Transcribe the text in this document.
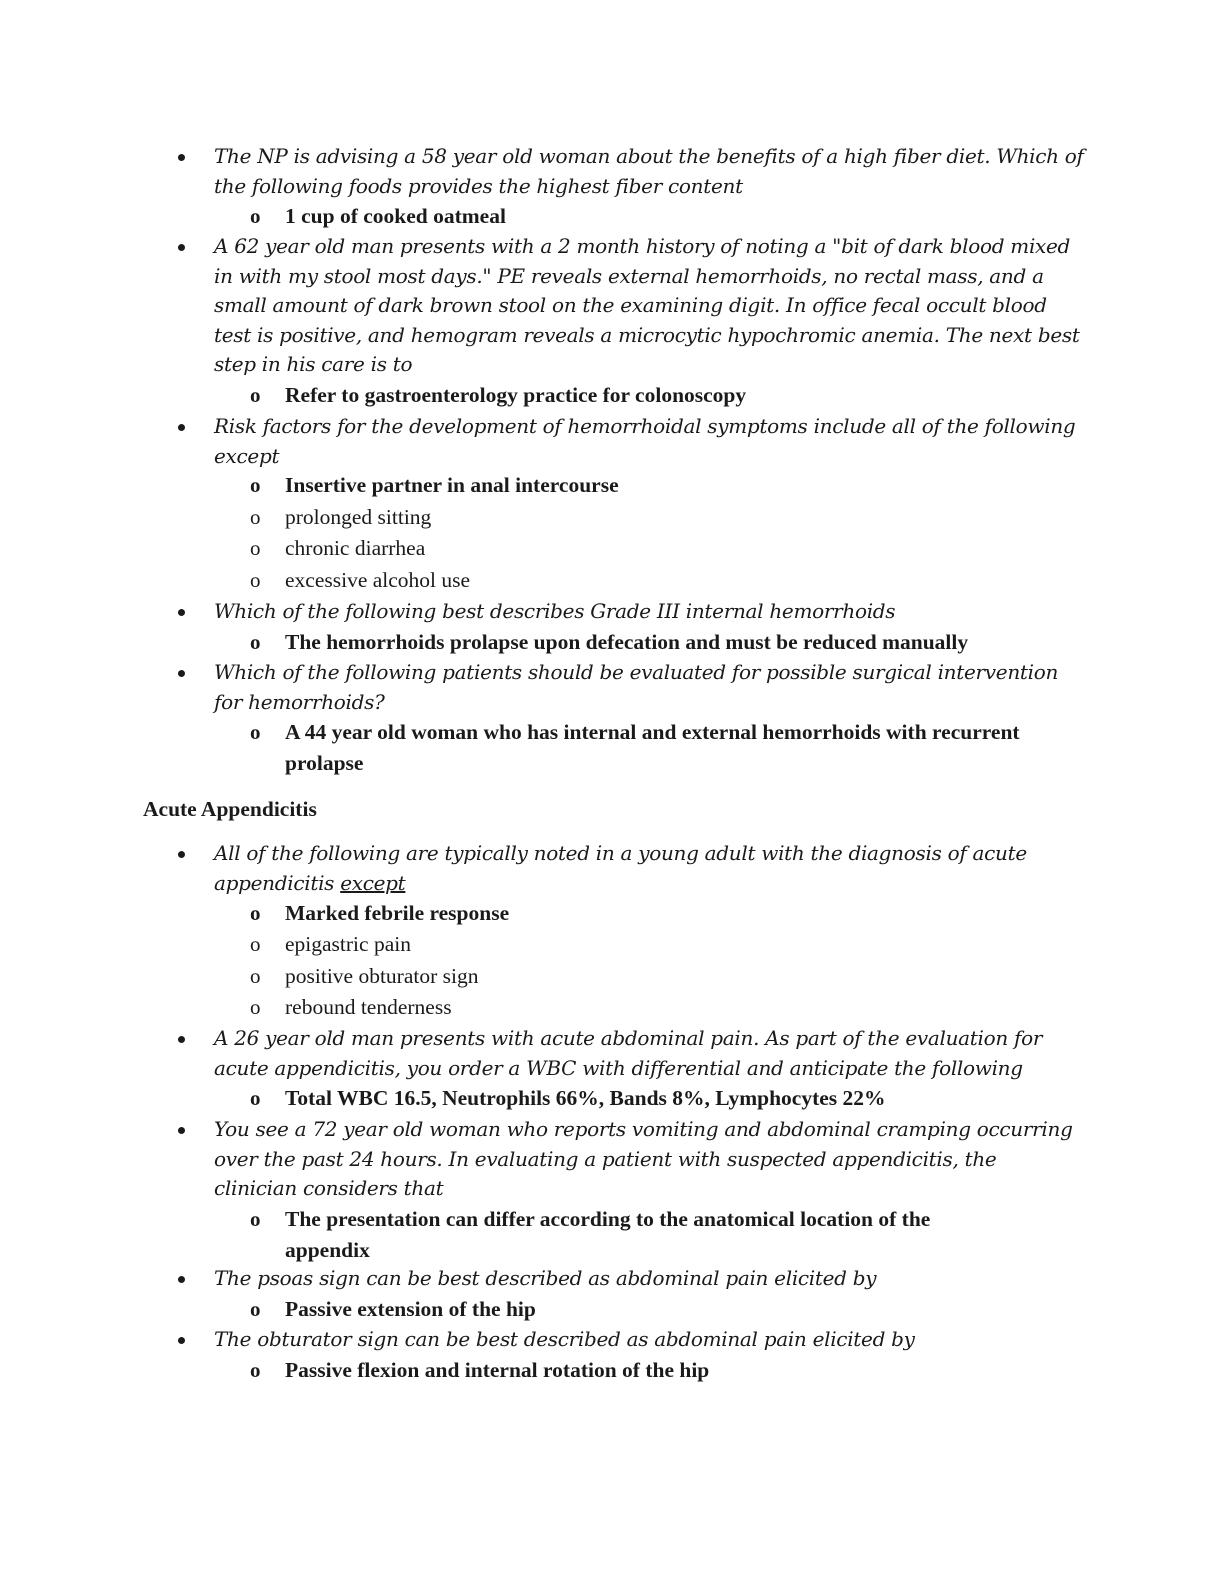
The NP is advising a 58 year old woman about the benefits of a high fiber diet. Which of the following foods provides the highest fiber content

o 1 cup of cooked oatmeal

A 62 year old man presents with a 2 month history of noting a "bit of dark blood mixed in with my stool most days." PE reveals external hemorrhoids, no rectal mass, and a small amount of dark brown stool on the examining digit. In office fecal occult blood test is positive, and hemogram reveals a microcytic hypochromic anemia. The next best step in his care is to

o Refer to gastroenterology practice for colonoscopy

Risk factors for the development of hemorrhoidal symptoms include all of the following except

o Insertive partner in anal intercourse

o prolonged sitting

o chronic diarrhea

o excessive alcohol use

Which of the following best describes Grade III internal hemorrhoids

o The hemorrhoids prolapse upon defecation and must be reduced manually

Which of the following patients should be evaluated for possible surgical intervention for hemorrhoids?

o A 44 year old woman who has internal and external hemorrhoids with recurrent prolapse

Acute Appendicitis

All of the following are typically noted in a young adult with the diagnosis of acute appendicitis except

o Marked febrile response

o epigastric pain

o positive obturator sign

o rebound tenderness

A 26 year old man presents with acute abdominal pain. As part of the evaluation for acute appendicitis, you order a WBC with differential and anticipate the following

o Total WBC 16.5, Neutrophils 66%, Bands 8%, Lymphocytes 22%

You see a 72 year old woman who reports vomiting and abdominal cramping occurring over the past 24 hours. In evaluating a patient with suspected appendicitis, the clinician considers that

o The presentation can differ according to the anatomical location of the appendix

The psoas sign can be best described as abdominal pain elicited by

o Passive extension of the hip

The obturator sign can be best described as abdominal pain elicited by

o Passive flexion and internal rotation of the hip
